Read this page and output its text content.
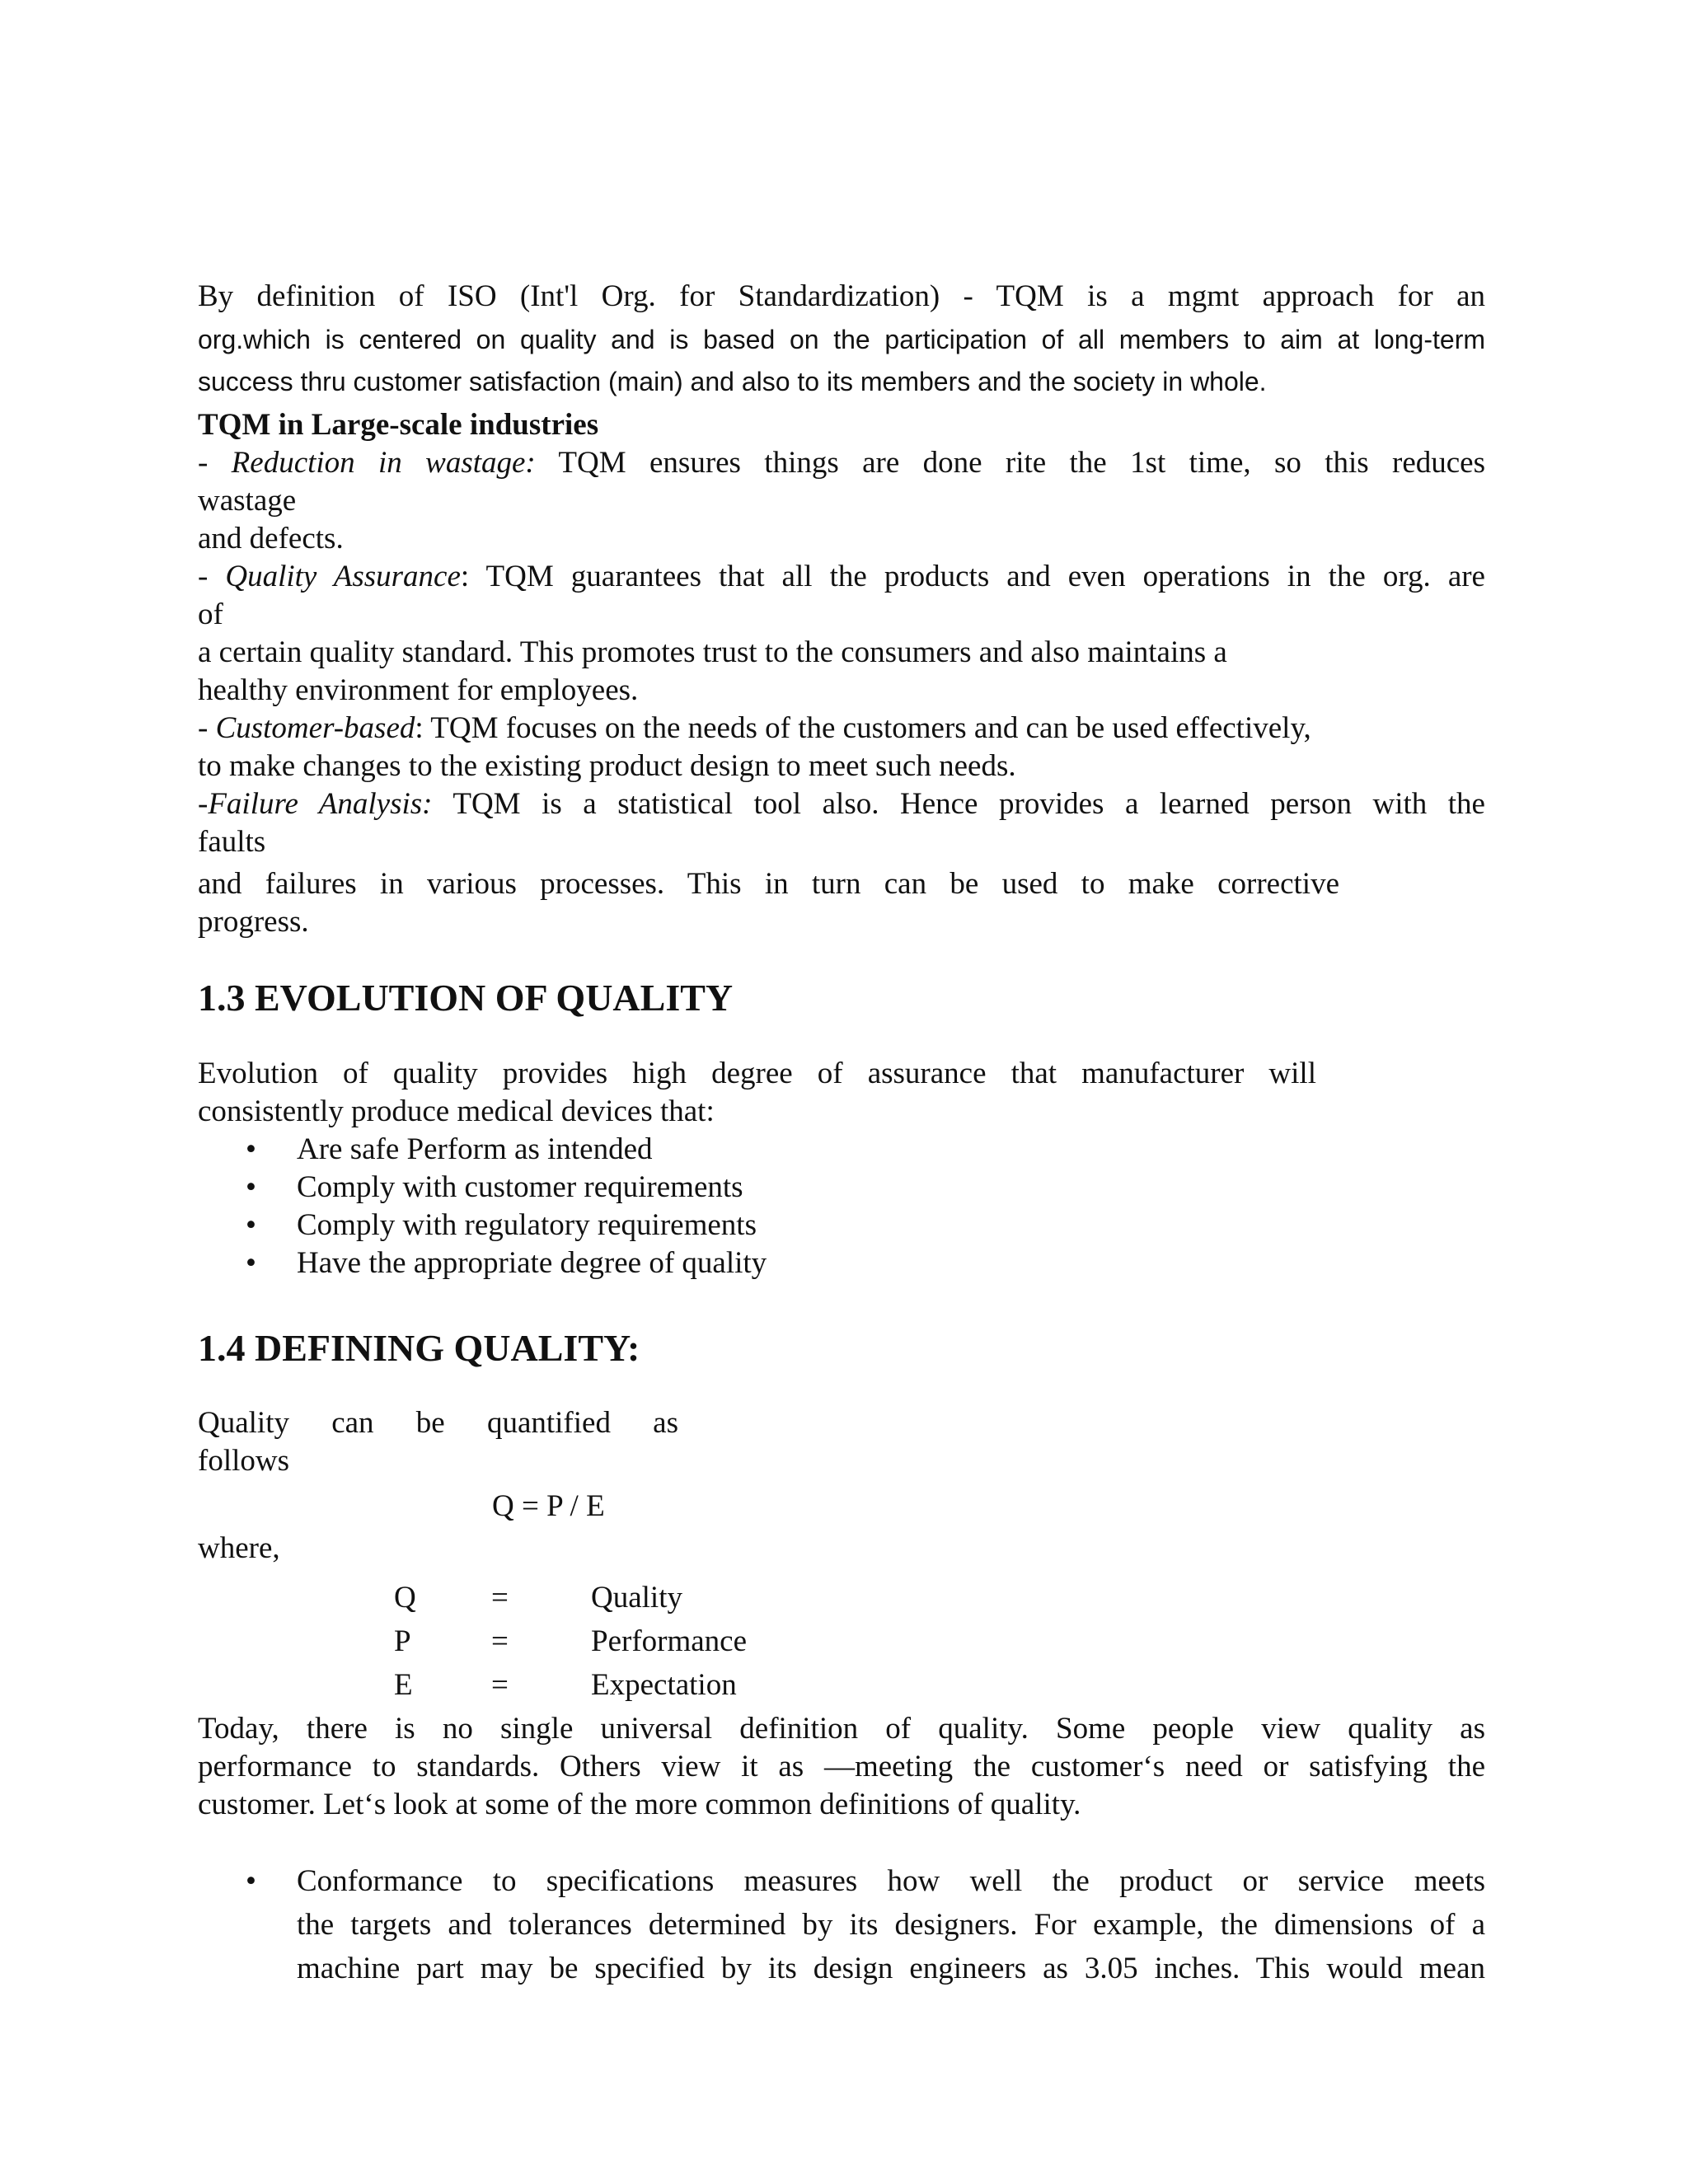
By definition of ISO (Int'l Org. for Standardization) - TQM is a mgmt approach for an
org.which is centered on quality and is based on the participation of all members to aim at long-term
success thru customer satisfaction (main) and also to its members and the society in whole.
TQM in Large-scale industries
- Reduction in wastage: TQM ensures things are done rite the 1st time, so this reduces
wastage
and defects.
- Quality Assurance: TQM guarantees that all the products and even operations in the org. are
of
a certain quality standard. This promotes trust to the consumers and also maintains a
healthy environment for employees.
- Customer-based: TQM focuses on the needs of the customers and can be used effectively,
to make changes to the existing product design to meet such needs.
-Failure Analysis: TQM is a statistical tool also. Hence provides a learned person with the
faults
and failures in various processes. This in turn can be used to make corrective
progress.
1.3 EVOLUTION OF QUALITY
Evolution of quality provides high degree of assurance that manufacturer will
consistently produce medical devices that:
• Are safe Perform as intended
• Comply with customer requirements
• Comply with regulatory requirements
• Have the appropriate degree of quality
1.4 DEFINING QUALITY:
Quality can be quantified as
follows
Q = P / E
where,
Q =	Quality
P	=	Performance
E	=	Expectation
Today, there is no single universal definition of quality. Some people view quality as
performance to standards. Others view it as ―meeting the customer‘s need or satisfying the
customer. Let‘s look at some of the more common definitions of quality.
• Conformance to specifications measures how well the product or service meets
the targets and tolerances determined by its designers. For example, the dimensions of a
machine part may be specified by its design engineers as 3.05 inches. This would mean
